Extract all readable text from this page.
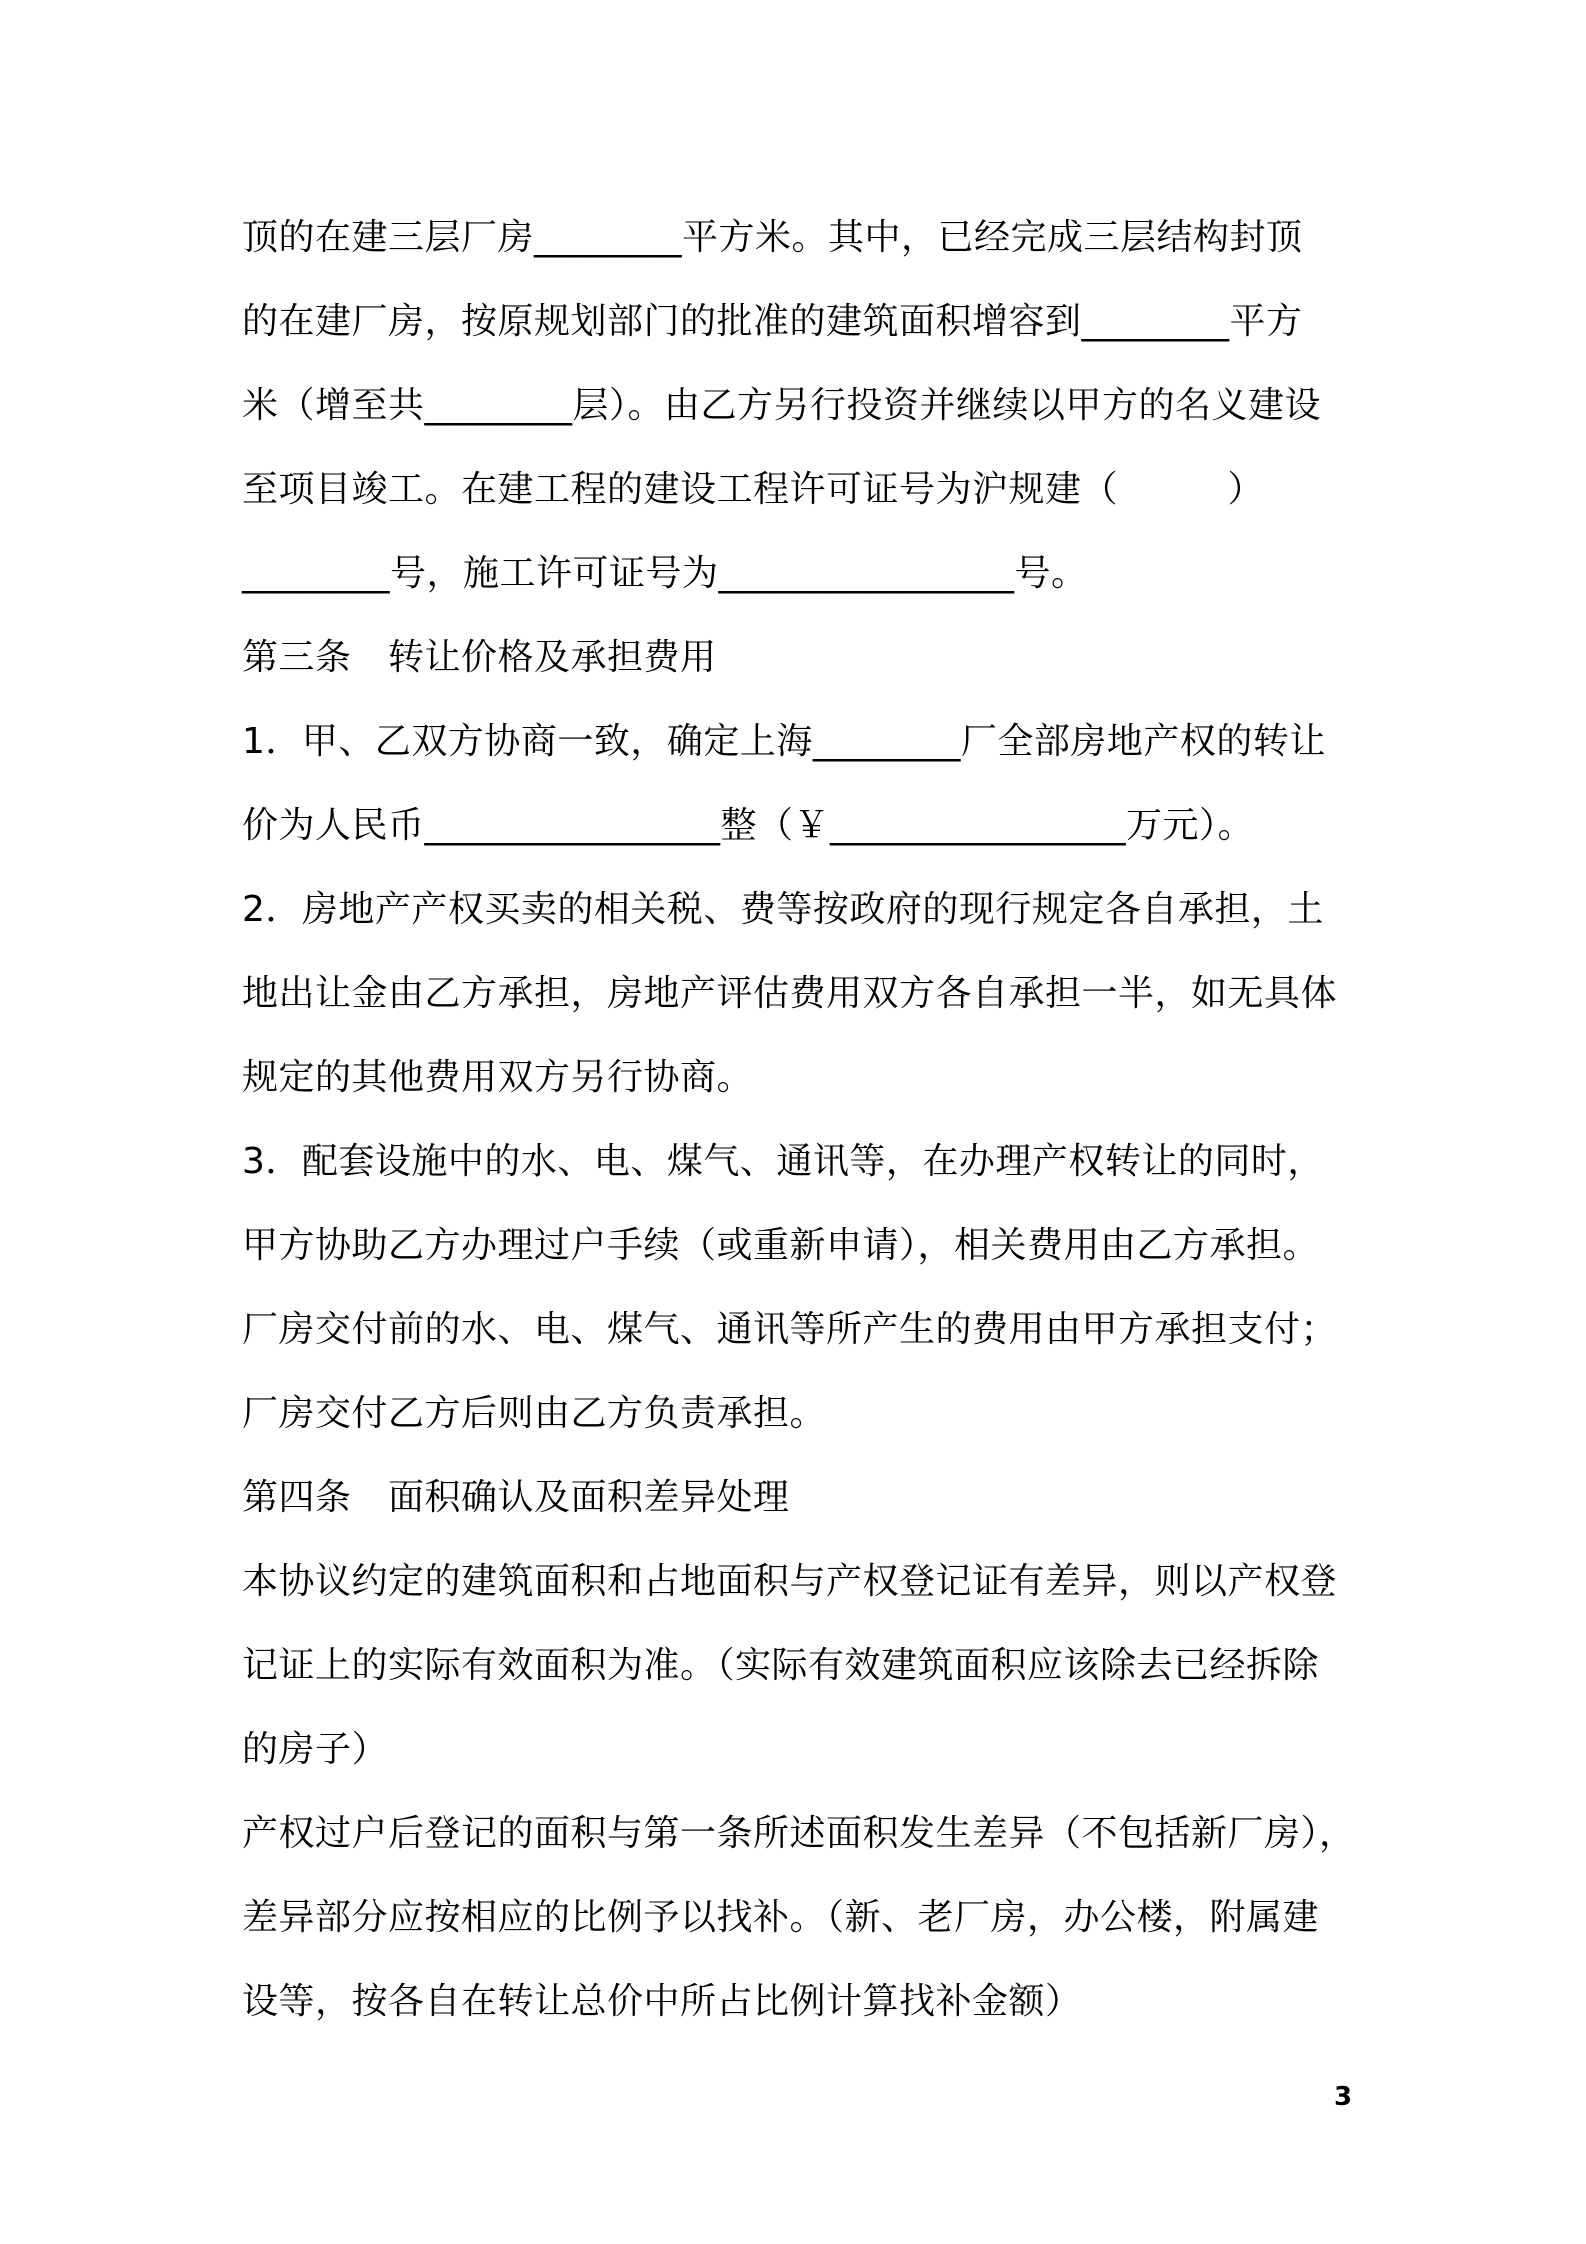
顶的在建三层厂房________平方米。其中，已经完成三层结构封顶
的在建厂房，按原规划部门的批准的建筑面积增容到________平方
米（增至共________层）。由乙方另行投资并继续以甲方的名义建设
至项目竣工。在建工程的建设工程许可证号为沪规建（　　　）
________号，施工许可证号为________________号。
第三条　转让价格及承担费用
1．甲、乙双方协商一致，确定上海________厂全部房地产权的转让
价为人民币________________整（￥________________万元）。
2．房地产产权买卖的相关税、费等按政府的现行规定各自承担，土
地出让金由乙方承担，房地产评估费用双方各自承担一半，如无具体
规定的其他费用双方另行协商。
3．配套设施中的水、电、煤气、通讯等，在办理产权转让的同时，
甲方协助乙方办理过户手续（或重新申请），相关费用由乙方承担。
厂房交付前的水、电、煤气、通讯等所产生的费用由甲方承担支付；
厂房交付乙方后则由乙方负责承担。
第四条　面积确认及面积差异处理
本协议约定的建筑面积和占地面积与产权登记证有差异，则以产权登
记证上的实际有效面积为准。（实际有效建筑面积应该除去已经拆除
的房子）
产权过户后登记的面积与第一条所述面积发生差异（不包括新厂房），
差异部分应按相应的比例予以找补。（新、老厂房，办公楼，附属建
设等，按各自在转让总价中所占比例计算找补金额）
3
